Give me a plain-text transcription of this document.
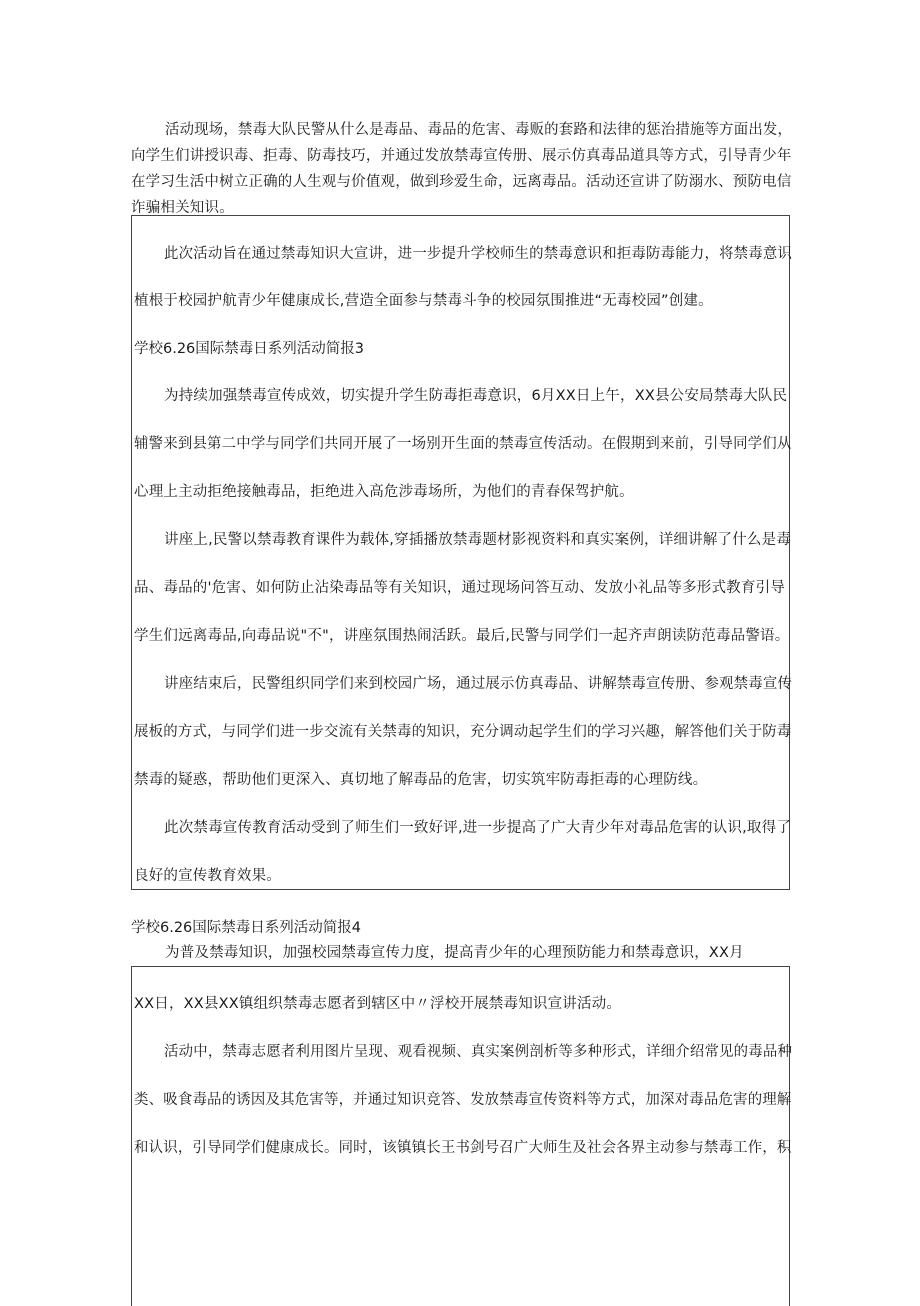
活动现场，禁毒大队民警从什么是毒品、毒品的危害、毒贩的套路和法律的惩治措施等方面出发，
向学生们讲授识毒、拒毒、防毒技巧，并通过发放禁毒宣传册、展示仿真毒品道具等方式，引导青少年
在学习生活中树立正确的人生观与价值观，做到珍爱生命，远离毒品。活动还宣讲了防溺水、预防电信
诈骗相关知识。
此次活动旨在通过禁毒知识大宣讲，进一步提升学校师生的禁毒意识和拒毒防毒能力，将禁毒意识
植根于校园护航青少年健康成长,营造全面参与禁毒斗争的校园氛围推进“无毒校园”创建。
学校6.26国际禁毒日系列活动简报3
为持续加强禁毒宣传成效，切实提升学生防毒拒毒意识，6月XX日上午，XX县公安局禁毒大队民
辅警来到县第二中学与同学们共同开展了一场别开生面的禁毒宣传活动。在假期到来前，引导同学们从
心理上主动拒绝接触毒品，拒绝进入高危涉毒场所，为他们的青春保驾护航。
讲座上,民警以禁毒教育课件为载体,穿插播放禁毒题材影视资料和真实案例，详细讲解了什么是毒
品、毒品的'危害、如何防止沾染毒品等有关知识，通过现场问答互动、发放小礼品等多形式教育引导
学生们远离毒品,向毒品说"不"，讲座氛围热闹活跃。最后,民警与同学们一起齐声朗读防范毒品警语。
讲座结束后，民警组织同学们来到校园广场，通过展示仿真毒品、讲解禁毒宣传册、参观禁毒宣传
展板的方式，与同学们进一步交流有关禁毒的知识，充分调动起学生们的学习兴趣，解答他们关于防毒
禁毒的疑惑，帮助他们更深入、真切地了解毒品的危害，切实筑牢防毒拒毒的心理防线。
此次禁毒宣传教育活动受到了师生们一致好评,进一步提高了广大青少年对毒品危害的认识,取得了
良好的宣传教育效果。
学校6.26国际禁毒日系列活动简报4
为普及禁毒知识，加强校园禁毒宣传力度，提高青少年的心理预防能力和禁毒意识，XX月
XX日，XX县XX镇组织禁毒志愿者到辖区中〃浮校开展禁毒知识宣讲活动。
活动中，禁毒志愿者利用图片呈现、观看视频、真实案例剖析等多种形式，详细介绍常见的毒品种
类、吸食毒品的诱因及其危害等，并通过知识竞答、发放禁毒宣传资料等方式，加深对毒品危害的理解
和认识，引导同学们健康成长。同时，该镇镇长王书剑号召广大师生及社会各界主动参与禁毒工作，积
